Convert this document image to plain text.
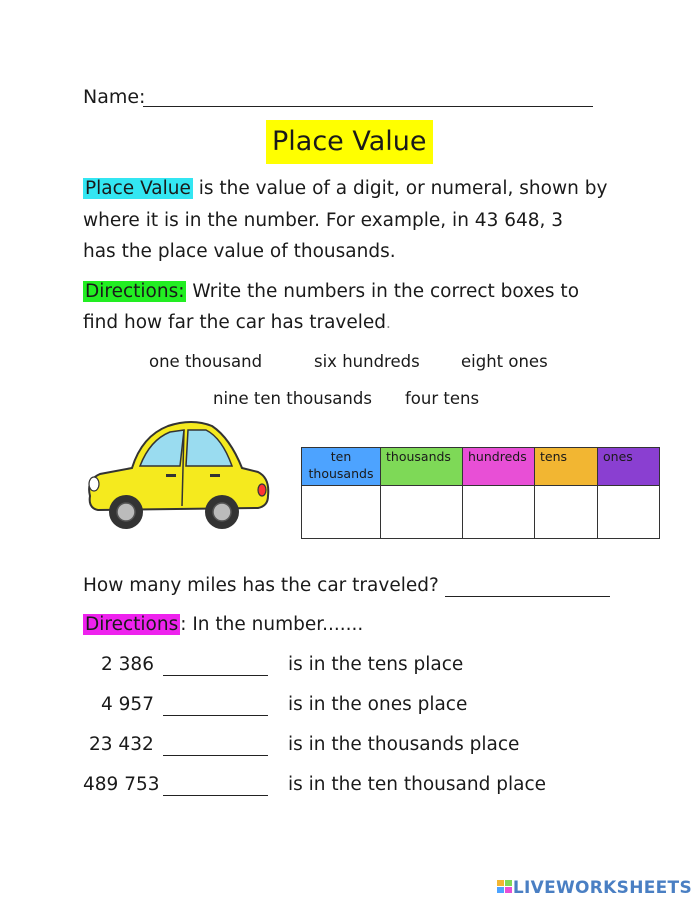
Name:
Place Value
Place Value is the value of a digit, or numeral, shown by
where it is in the number. For example, in 43 648, 3
has the place value of thousands.
Directions: Write the numbers in the correct boxes to
find how far the car has traveled.
one thousand	six hundreds	eight ones
nine ten thousands four tens
ten thousands	thousands	hundreds	tens	ones

How many miles has the car traveled?
Directions : In the number.......
2 386	is in the tens place
4 957	is in the ones place
23 432	is in the thousands place
489 753	is in the ten thousand place
LIVEWORKSHEETS
